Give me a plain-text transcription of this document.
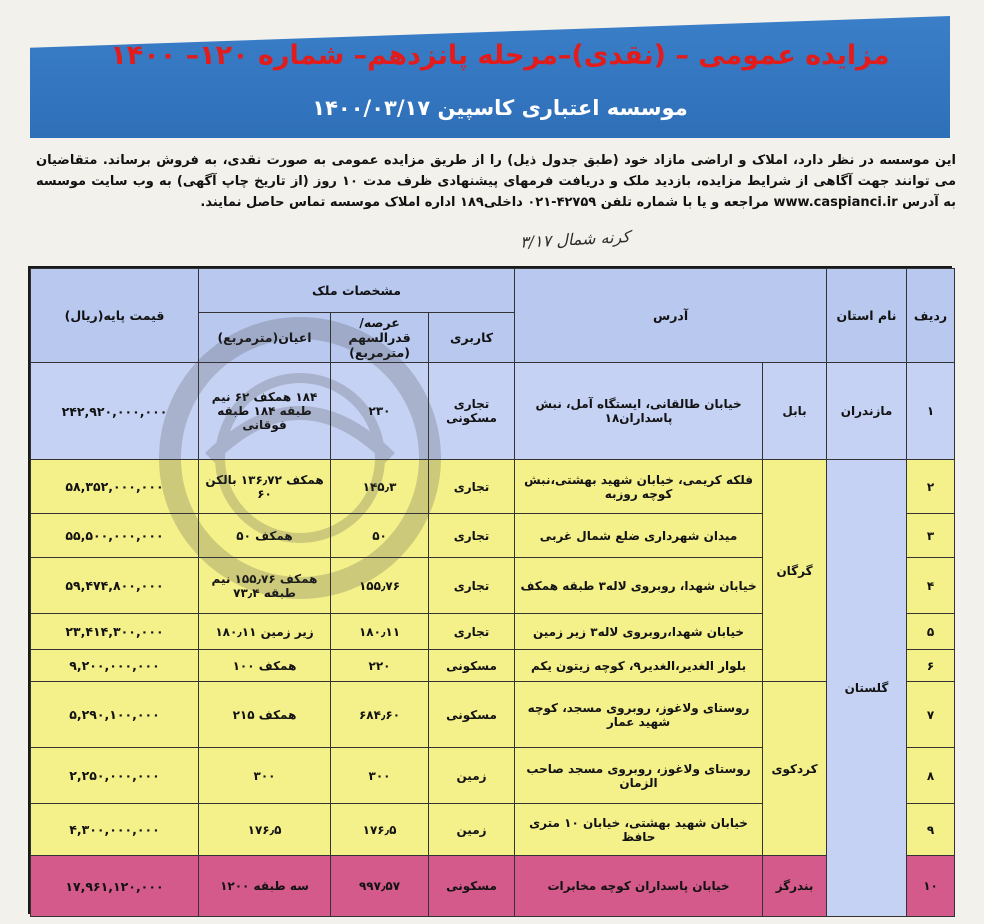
مزایده عمومی – (نقدی)–مرحله پانزدهم– شماره ۱۲۰– ۱۴۰۰
موسسه اعتباری کاسپین ۱۴۰۰/۰۳/۱۷
این موسسه در نظر دارد، املاک و اراضی مازاد خود (طبق جدول ذیل) را از طریق مزایده عمومی به صورت نقدی، به فروش برساند. متقاضیان می توانند جهت آگاهی از شرایط مزایده، بازدید ملک و دریافت فرمهای پیشنهادی ظرف مدت ۱۰ روز (از تاریخ چاپ آگهی) به وب سایت موسسه به آدرس www.caspianci.ir مراجعه و یا با شماره تلفن ۴۲۷۵۹-۰۲۱ داخلی۱۸۹ اداره املاک موسسه تماس حاصل نمایند.
کرنه شمال ۳/۱۷
ردیف	نام استان	آدرس		مشخصات ملک			قیمت پایه(ریال)
				کاربری	عرصه/قدرالسهم (مترمربع)	اعیان(مترمربع)	
۱	مازندران	بابل	خیابان طالقانی، ایستگاه آمل، نبش پاسداران۱۸	تجاری مسکونی	۲۳۰	۱۸۴ همکف ۶۲ نیم طبقه ۱۸۴ طبقه فوقانی	۲۴۲,۹۲۰,۰۰۰,۰۰۰
۲	گلستان	گرگان	فلکه کریمی، خیابان شهید بهشتی،نبش کوچه روزبه	تجاری	۱۴۵٫۳	همکف ۱۳۶٫۷۲ بالکن ۶۰	۵۸,۳۵۲,۰۰۰,۰۰۰
۳			میدان شهرداری ضلع شمال غربی	تجاری	۵۰	همکف ۵۰	۵۵,۵۰۰,۰۰۰,۰۰۰
۴			خیابان شهدا، روبروی لاله۳ طبقه همکف	تجاری	۱۵۵٫۷۶	همکف ۱۵۵٫۷۶ نیم طبقه ۷۳٫۴	۵۹,۴۷۴,۸۰۰,۰۰۰
۵			خیابان شهدا،روبروی لاله۳ زیر زمین	تجاری	۱۸۰٫۱۱	زیر زمین ۱۸۰٫۱۱	۲۳,۴۱۴,۳۰۰,۰۰۰
۶			بلوار الغدیر،الغدیر۹، کوچه زیتون یکم	مسکونی	۲۲۰	همکف ۱۰۰	۹,۲۰۰,۰۰۰,۰۰۰
۷		کردکوی	روستای ولاغوز، روبروی مسجد، کوچه شهید عمار	مسکونی	۶۸۴٫۶۰	همکف ۲۱۵	۵,۲۹۰,۱۰۰,۰۰۰
۸			روستای ولاغوز، روبروی مسجد صاحب الزمان	زمین	۳۰۰	۳۰۰	۲,۲۵۰,۰۰۰,۰۰۰
۹			خیابان شهید بهشتی، خیابان ۱۰ متری حافظ	زمین	۱۷۶٫۵	۱۷۶٫۵	۴,۳۰۰,۰۰۰,۰۰۰
۱۰		بندرگز	خیابان پاسداران کوچه مخابرات	مسکونی	۹۹۷٫۵۷	سه طبقه ۱۲۰۰	۱۷,۹۶۱,۱۲۰,۰۰۰
